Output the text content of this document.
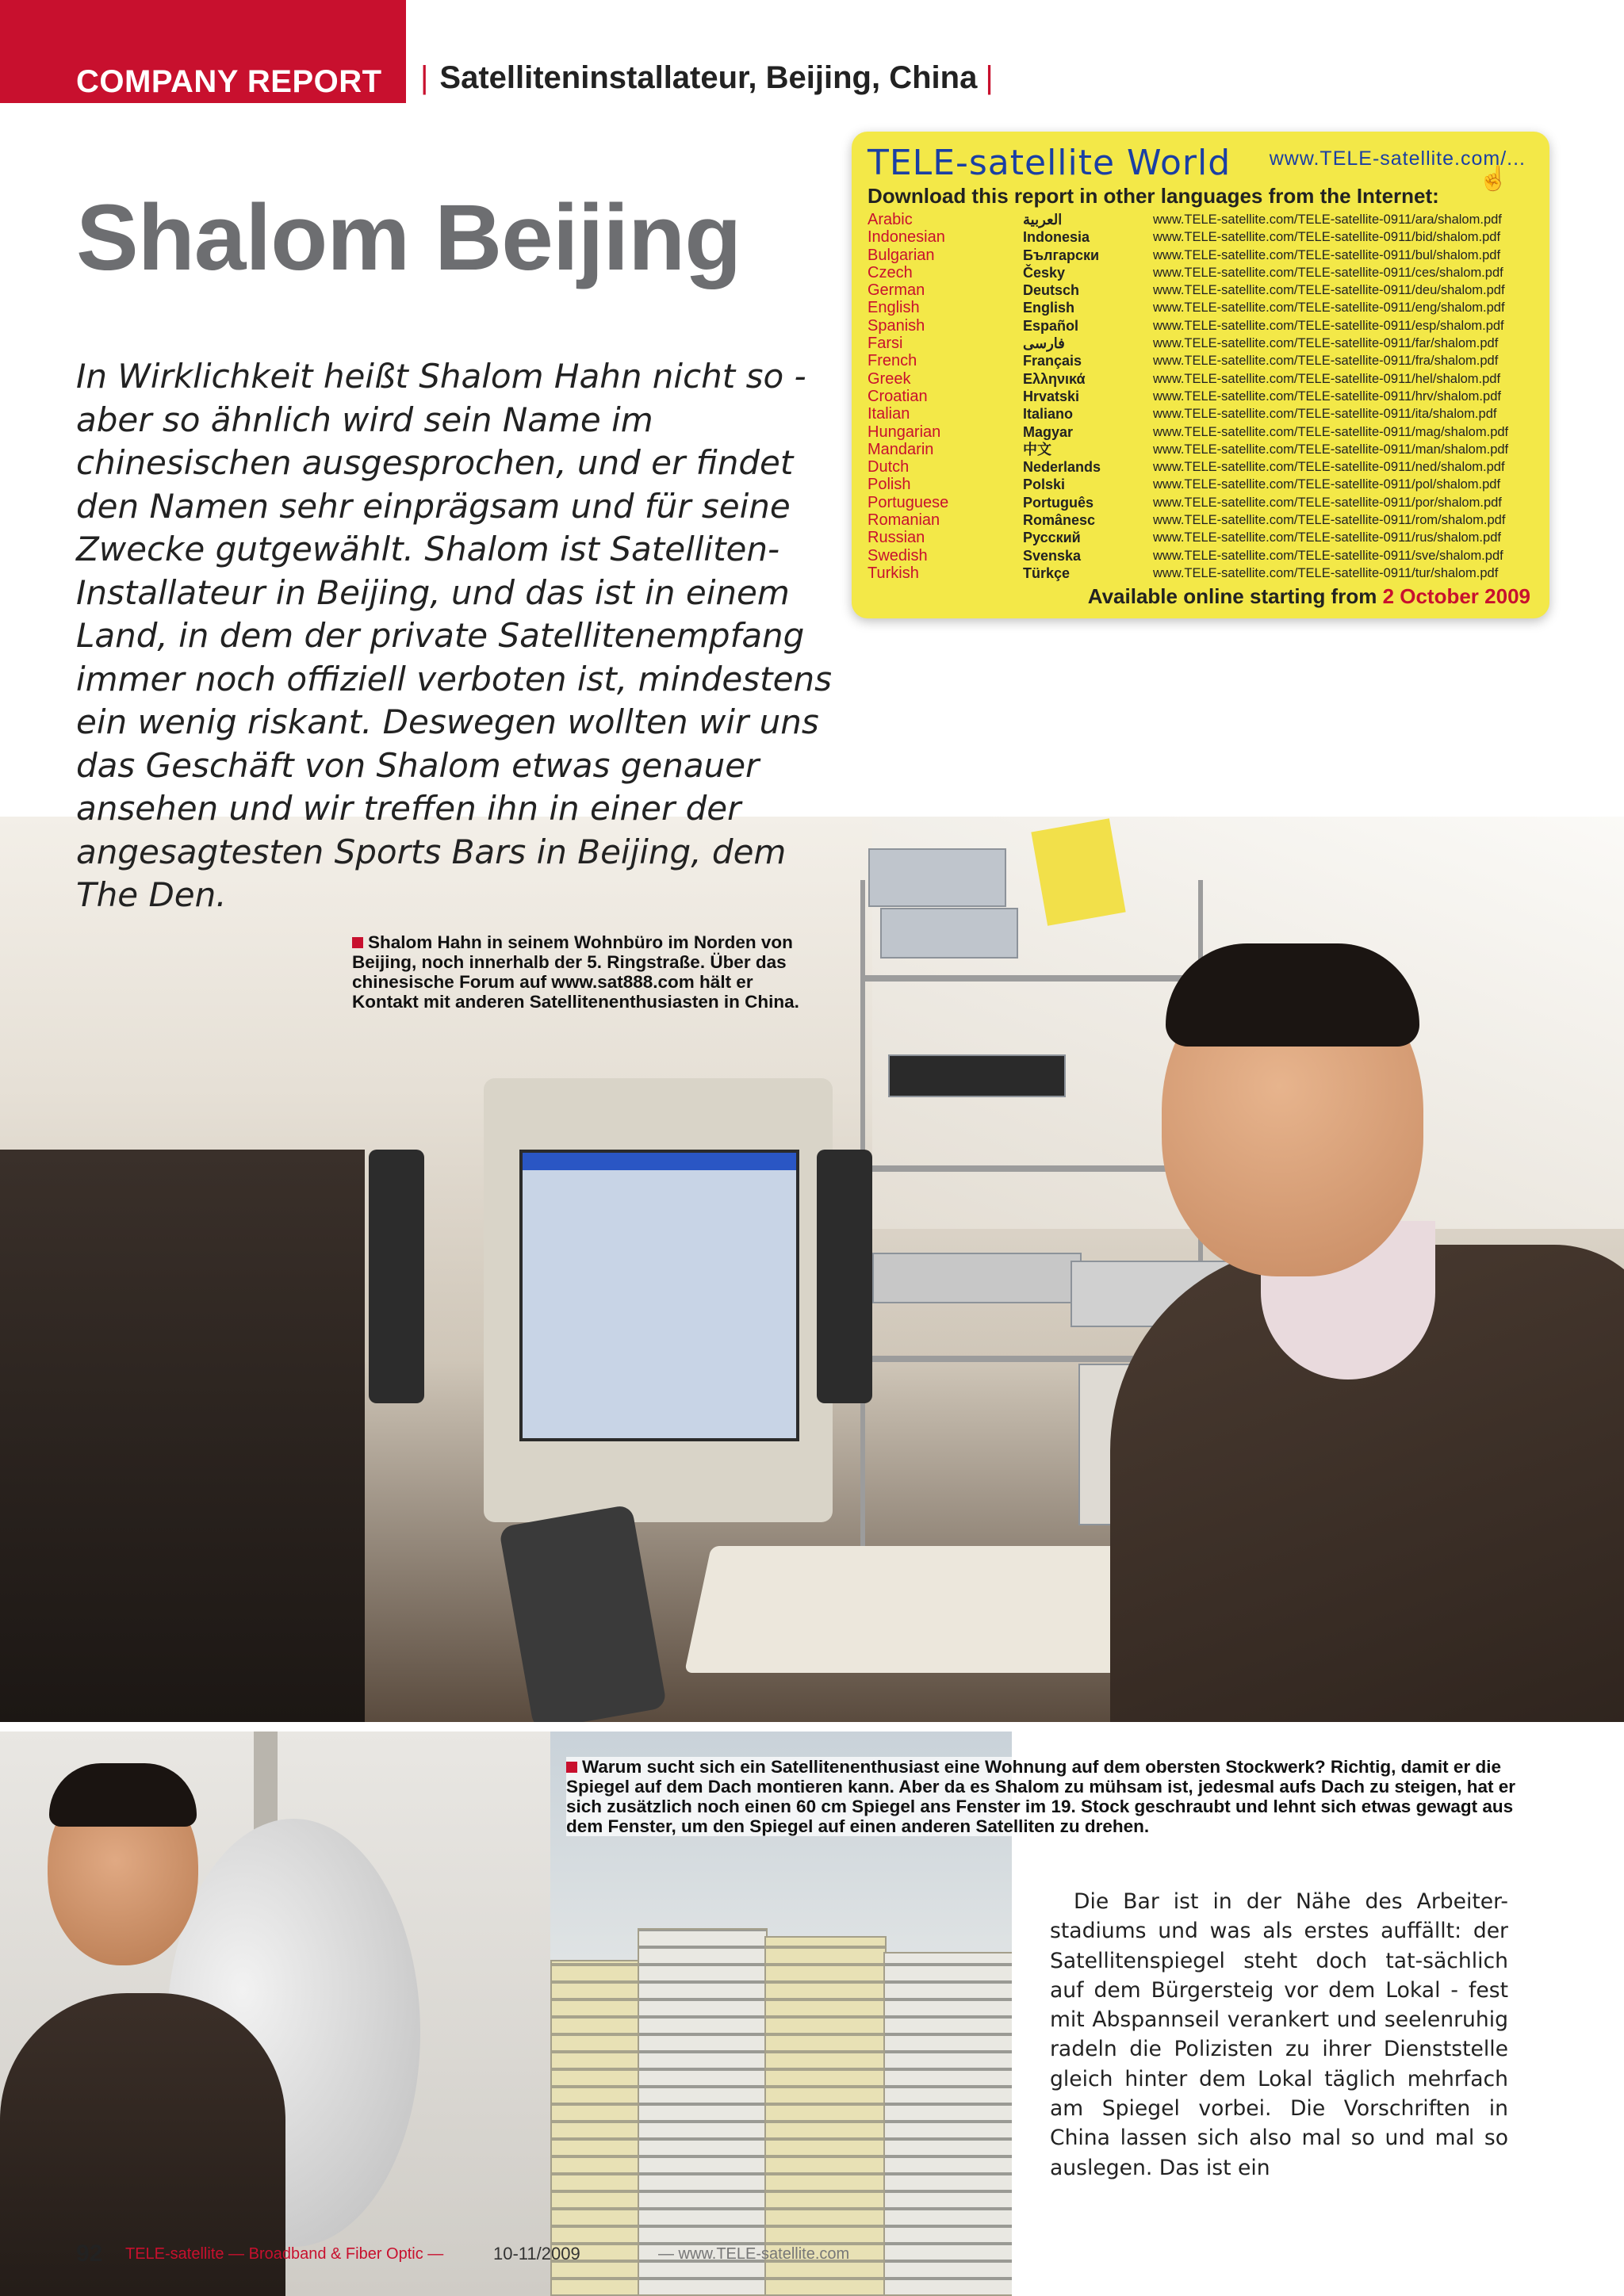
COMPANY REPORT | Satelliteninstallateur, Beijing, China |
Shalom Beijing
In Wirklichkeit heißt Shalom Hahn nicht so - aber so ähnlich wird sein Name im chinesischen ausgesprochen, und er findet den Namen sehr einprägsam und für seine Zwecke gutgewählt. Shalom ist Satelliten-Installateur in Beijing, und das ist in einem Land, in dem der private Satellitenempfang immer noch offiziell verboten ist, mindestens ein wenig riskant. Deswegen wollten wir uns das Geschäft von Shalom etwas genauer ansehen und wir treffen ihn in einer der angesagtesten Sports Bars in Beijing, dem The Den.
TELE-satellite World www.TELE-satellite.com/...
☝
Download this report in other languages from the Internet:
Arabic	العربية	www.TELE-satellite.com/TELE-satellite-0911/ara/shalom.pdf
Indonesian	Indonesia	www.TELE-satellite.com/TELE-satellite-0911/bid/shalom.pdf
Bulgarian	Български	www.TELE-satellite.com/TELE-satellite-0911/bul/shalom.pdf
Czech	Česky	www.TELE-satellite.com/TELE-satellite-0911/ces/shalom.pdf
German	Deutsch	www.TELE-satellite.com/TELE-satellite-0911/deu/shalom.pdf
English	English	www.TELE-satellite.com/TELE-satellite-0911/eng/shalom.pdf
Spanish	Español	www.TELE-satellite.com/TELE-satellite-0911/esp/shalom.pdf
Farsi	فارسی	www.TELE-satellite.com/TELE-satellite-0911/far/shalom.pdf
French	Français	www.TELE-satellite.com/TELE-satellite-0911/fra/shalom.pdf
Greek	Ελληνικά	www.TELE-satellite.com/TELE-satellite-0911/hel/shalom.pdf
Croatian	Hrvatski	www.TELE-satellite.com/TELE-satellite-0911/hrv/shalom.pdf
Italian	Italiano	www.TELE-satellite.com/TELE-satellite-0911/ita/shalom.pdf
Hungarian	Magyar	www.TELE-satellite.com/TELE-satellite-0911/mag/shalom.pdf
Mandarin	中文	www.TELE-satellite.com/TELE-satellite-0911/man/shalom.pdf
Dutch	Nederlands	www.TELE-satellite.com/TELE-satellite-0911/ned/shalom.pdf
Polish	Polski	www.TELE-satellite.com/TELE-satellite-0911/pol/shalom.pdf
Portuguese	Português	www.TELE-satellite.com/TELE-satellite-0911/por/shalom.pdf
Romanian	Românesc	www.TELE-satellite.com/TELE-satellite-0911/rom/shalom.pdf
Russian	Русский	www.TELE-satellite.com/TELE-satellite-0911/rus/shalom.pdf
Swedish	Svenska	www.TELE-satellite.com/TELE-satellite-0911/sve/shalom.pdf
Turkish	Türkçe	www.TELE-satellite.com/TELE-satellite-0911/tur/shalom.pdf
Available online starting from 2 October 2009
Shalom Hahn in seinem Wohnbüro im Norden von Beijing, noch innerhalb der 5. Ringstraße. Über das chinesische Forum auf www.sat888.com hält er Kontakt mit anderen Satellitenenthusiasten in China.
Warum sucht sich ein Satellitenenthusiast eine Wohnung auf dem obersten Stockwerk? Richtig, damit er die Spiegel auf dem Dach montieren kann. Aber da es Shalom zu mühsam ist, jedesmal aufs Dach zu steigen, hat er sich zusätzlich noch einen 60 cm Spiegel ans Fenster im 19. Stock geschraubt und lehnt sich etwas gewagt aus dem Fenster, um den Spiegel auf einen anderen Satelliten zu drehen.
Die Bar ist in der Nähe des Arbeiter-stadiums und was als erstes auffällt: der Satellitenspiegel steht doch tat-sächlich auf dem Bürgersteig vor dem Lokal - fest mit Abspannseil verankert und seelenruhig radeln die Polizisten zu ihrer Dienststelle gleich hinter dem Lokal täglich mehrfach am Spiegel vorbei. Die Vorschriften in China lassen sich also mal so und mal so auslegen. Das ist ein
92 TELE-satellite — Broadband & Fiber Optic —	10-11/2009	— www.TELE-satellite.com
